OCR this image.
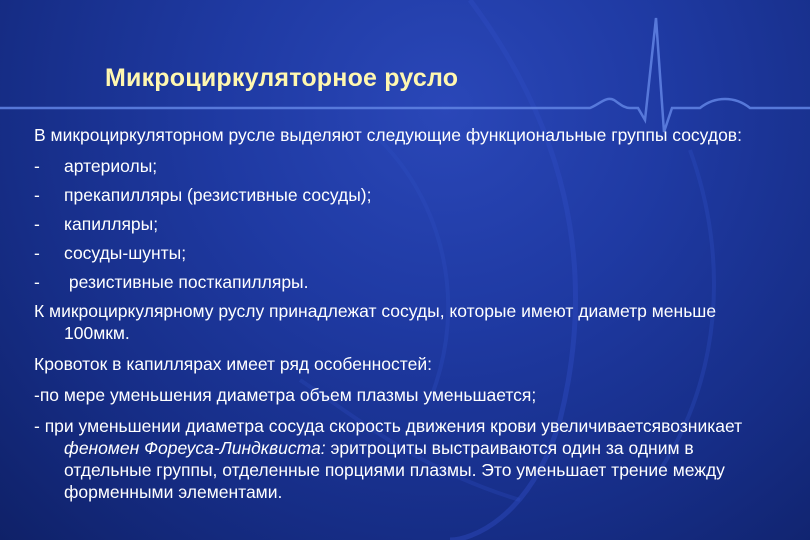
Микроциркуляторное русло
В микроциркуляторном русле выделяют следующие функциональные группы сосудов:
-	артериолы;
-	прекапилляры (резистивные сосуды);
-	капилляры;
-	сосуды-шунты;
-	резистивные посткапилляры.
К микроциркулярному руслу принадлежат сосуды, которые имеют диаметр меньше 100мкм.
Кровоток в капиллярах имеет ряд особенностей:
-по мере уменьшения диаметра объем плазмы уменьшается;
- при уменьшении диаметра сосуда скорость движения крови увеличиваетсявозникает феномен Фореуса-Линдквиста: эритроциты выстраиваются один за одним в отдельные группы, отделенные порциями плазмы. Это уменьшает трение между форменными элементами.
